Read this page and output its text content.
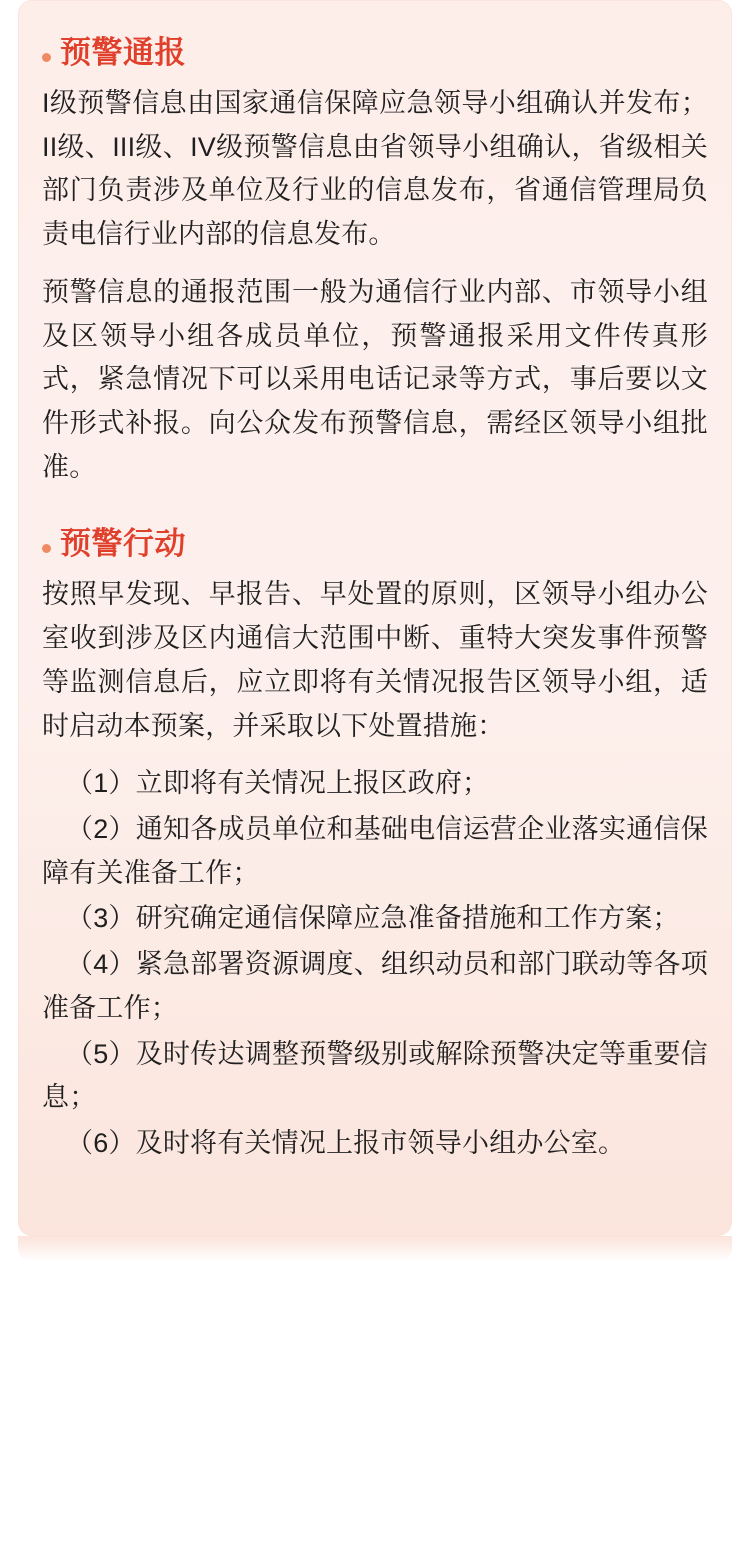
预警通报

I级预警信息由国家通信保障应急领导小组确认并发布；II级、III级、IV级预警信息由省领导小组确认，省级相关部门负责涉及单位及行业的信息发布，省通信管理局负责电信行业内部的信息发布。

预警信息的通报范围一般为通信行业内部、市领导小组及区领导小组各成员单位，预警通报采用文件传真形式，紧急情况下可以采用电话记录等方式，事后要以文件形式补报。向公众发布预警信息，需经区领导小组批准。

预警行动

按照早发现、早报告、早处置的原则，区领导小组办公室收到涉及区内通信大范围中断、重特大突发事件预警等监测信息后，应立即将有关情况报告区领导小组，适时启动本预案，并采取以下处置措施：

（1）立即将有关情况上报区政府；
（2）通知各成员单位和基础电信运营企业落实通信保障有关准备工作；
（3）研究确定通信保障应急准备措施和工作方案；
（4）紧急部署资源调度、组织动员和部门联动等各项准备工作；
（5）及时传达调整预警级别或解除预警决定等重要信息；
（6）及时将有关情况上报市领导小组办公室。
